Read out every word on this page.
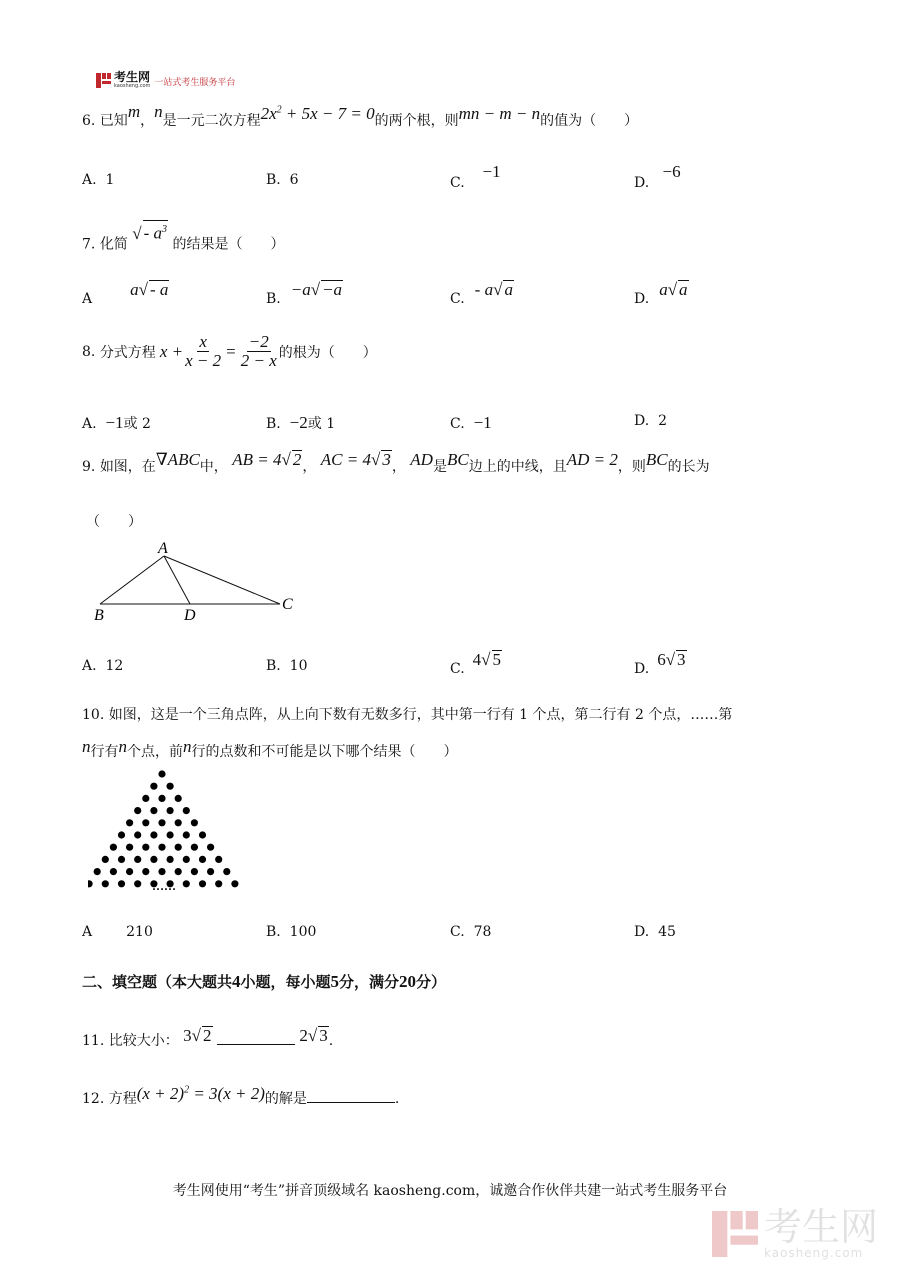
考生网
kaosheng.com 一站式考生服务平台
6. 已知m，n是一元二次方程$2x^2 + 5x - 7 = 0$的两个根，则mn − m − n的值为（　　）
A. 1	B. 6	C.    −1
D.   −6
7. 化简 √ - $a^3$ 的结果是（　　）
A a√ - a	B. −a√ −a	C. - a√ a	D. a√ a
8.
分式方程 $x + \frac{x}{x - 2} = \frac{-2}{2 - x}$ 的根为（　　）
A. −1或 2	B. −2或 1	C. −1	D. 2
9. 如图，在∇ABC中， AB = 4√ 2， AC = 4√ 3， AD是BC边上的中线，且AD = 2，则BC的长为
（　　）
A
B	D
C
A. 12	B. 10	C. 4√ 5	D. 6√ 3
10. 如图，这是一个三角点阵，从上向下数有无数多行，其中第一行有 1 个点，第二行有 2 个点，……第
n行有n个点，前n行的点数和不可能是以下哪个结果（　　）
……
A 210	B. 100	C. 78	D. 45
二、填空题（本大题共4小题，每小题5分，满分20分）
11. 比较大小： 3√ 2	2√ 3.
12. 方程$(x + 2)^2 = 3(x + 2)$的解是	.
考生网使用“考生”拼音顶级域名 kaosheng.com，诚邀合作伙伴共建一站式考生服务平台
考生网
kaosheng.com
